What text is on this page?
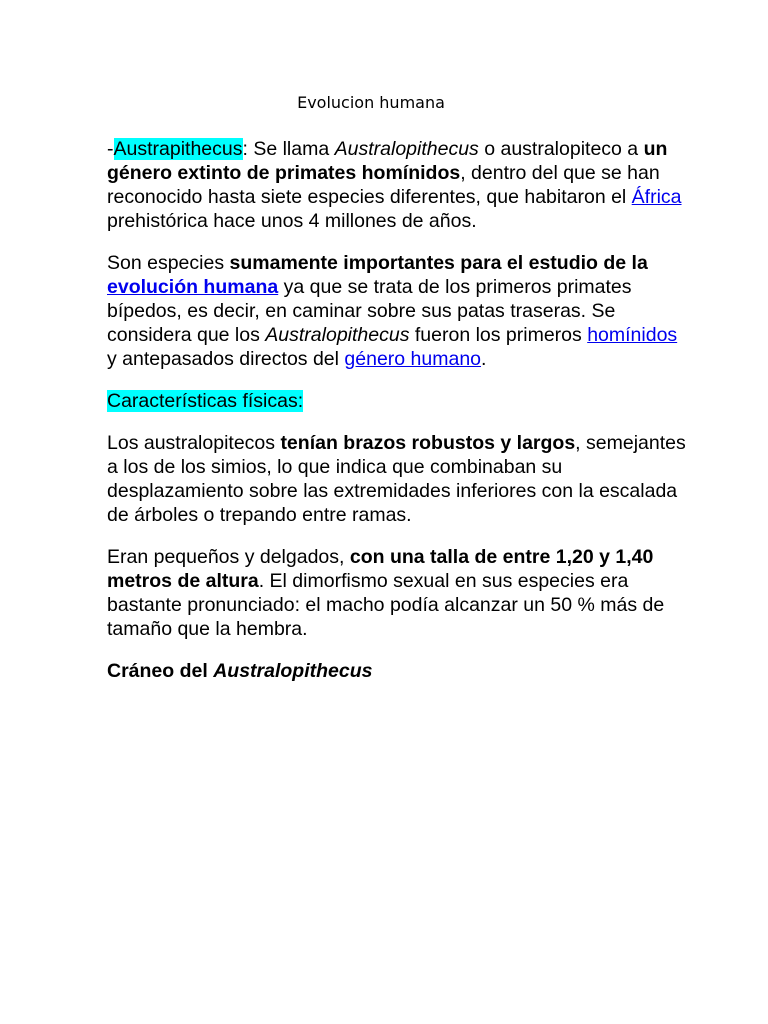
Evolucion humana

-Austrapithecus: Se llama Australopithecus o australopiteco a un género extinto de primates homínidos, dentro del que se han reconocido hasta siete especies diferentes, que habitaron el África prehistórica hace unos 4 millones de años.

Son especies sumamente importantes para el estudio de la evolución humana ya que se trata de los primeros primates bípedos, es decir, en caminar sobre sus patas traseras. Se considera que los Australopithecus fueron los primeros homínidos y antepasados directos del género humano.

Características físicas:

Los australopitecos tenían brazos robustos y largos, semejantes a los de los simios, lo que indica que combinaban su desplazamiento sobre las extremidades inferiores con la escalada de árboles o trepando entre ramas.

Eran pequeños y delgados, con una talla de entre 1,20 y 1,40 metros de altura. El dimorfismo sexual en sus especies era bastante pronunciado: el macho podía alcanzar un 50 % más de tamaño que la hembra.

Cráneo del Australopithecus
